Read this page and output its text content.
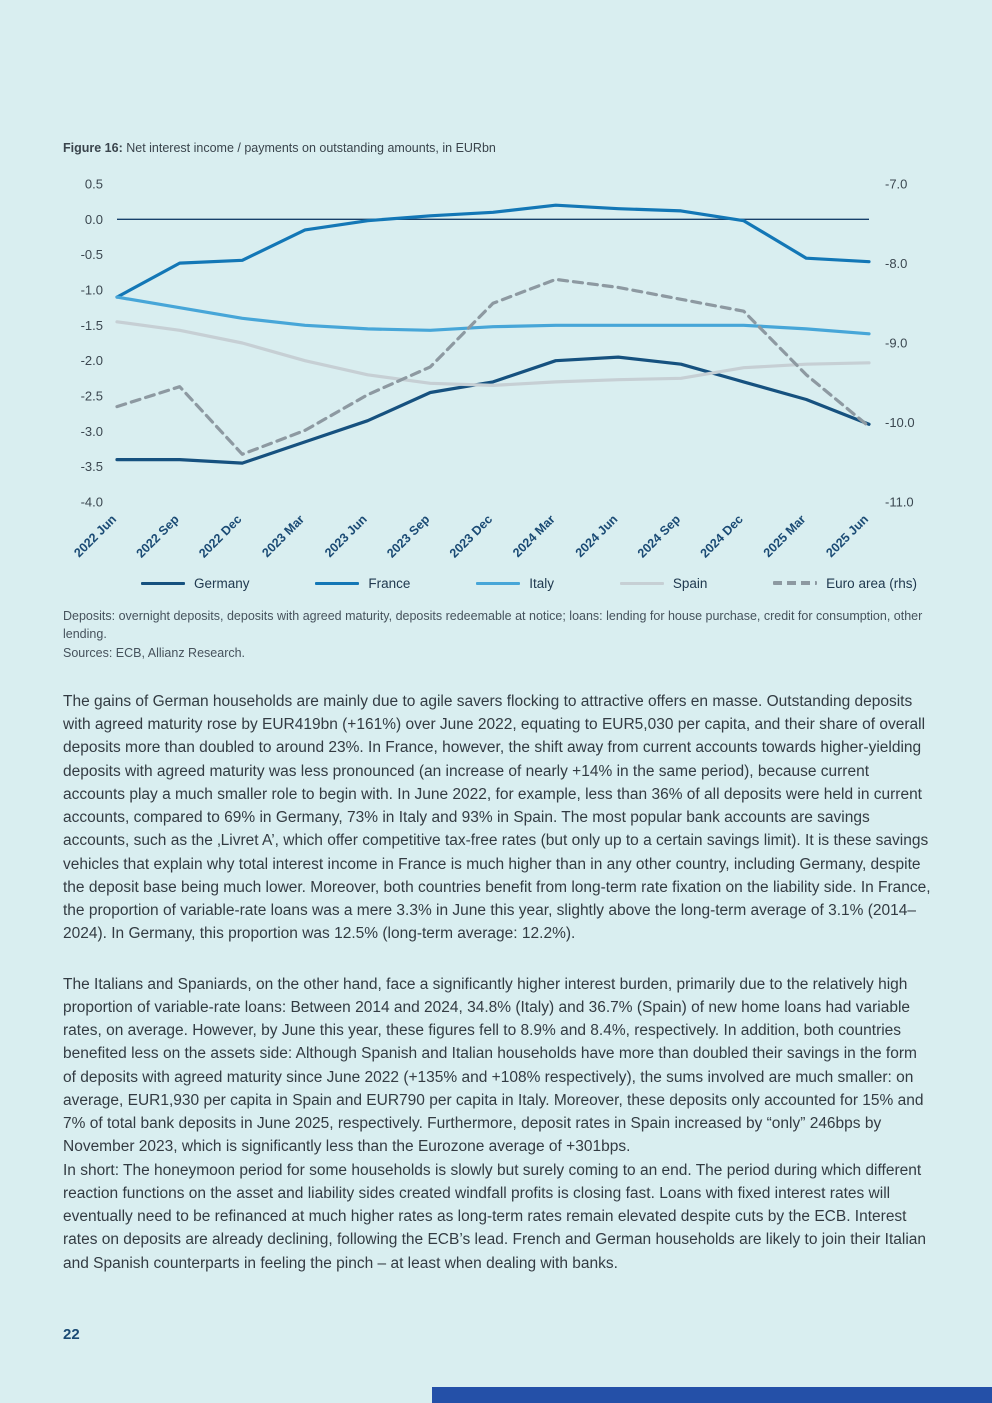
Figure 16: Net interest income / payments on outstanding amounts, in EURbn

0.5
0.0
-0.5
-1.0
-1.5
-2.0
-2.5
-3.0
-3.5
-4.0
-7.0
-8.0
-9.0
-10.0
-11.0
2022 Jun 2022 Sep 2022 Dec 2023 Mar 2023 Jun 2023 Sep 2023 Dec 2024 Mar 2024 Jun 2024 Sep 2024 Dec 2025 Mar 2025 Jun
Germany	France	Italy	Spain	Euro area (rhs)

Deposits: overnight deposits, deposits with agreed maturity, deposits redeemable at notice; loans: lending for house purchase, credit for consumption, other lending.
Sources: ECB, Allianz Research.

The gains of German households are mainly due to agile savers flocking to attractive offers en masse. Outstanding deposits with agreed maturity rose by EUR419bn (+161%) over June 2022, equating to EUR5,030 per capita, and their share of overall deposits more than doubled to around 23%. In France, however, the shift away from current accounts towards higher-yielding deposits with agreed maturity was less pronounced (an increase of nearly +14% in the same period), because current accounts play a much smaller role to begin with. In June 2022, for example, less than 36% of all deposits were held in current accounts, compared to 69% in Germany, 73% in Italy and 93% in Spain. The most popular bank accounts are savings accounts, such as the ‚Livret A’, which offer competitive tax-free rates (but only up to a certain savings limit). It is these savings vehicles that explain why total interest income in France is much higher than in any other country, including Germany, despite the deposit base being much lower. Moreover, both countries benefit from long-term rate fixation on the liability side. In France, the proportion of variable-rate loans was a mere 3.3% in June this year, slightly above the long-term average of 3.1% (2014–2024). In Germany, this proportion was 12.5% (long-term average: 12.2%).

The Italians and Spaniards, on the other hand, face a significantly higher interest burden, primarily due to the relatively high proportion of variable-rate loans: Between 2014 and 2024, 34.8% (Italy) and 36.7% (Spain) of new home loans had variable rates, on average. However, by June this year, these figures fell to 8.9% and 8.4%, respectively. In addition, both countries benefited less on the assets side: Although Spanish and Italian households have more than doubled their savings in the form of deposits with agreed maturity since June 2022 (+135% and +108% respectively), the sums involved are much smaller: on average, EUR1,930 per capita in Spain and EUR790 per capita in Italy. Moreover, these deposits only accounted for 15% and 7% of total bank deposits in June 2025, respectively. Furthermore, deposit rates in Spain increased by “only” 246bps by November 2023, which is significantly less than the Eurozone average of +301bps.
In short: The honeymoon period for some households is slowly but surely coming to an end. The period during which different reaction functions on the asset and liability sides created windfall profits is closing fast. Loans with fixed interest rates will eventually need to be refinanced at much higher rates as long-term rates remain elevated despite cuts by the ECB. Interest rates on deposits are already declining, following the ECB’s lead. French and German households are likely to join their Italian and Spanish counterparts in feeling the pinch – at least when dealing with banks.

22
